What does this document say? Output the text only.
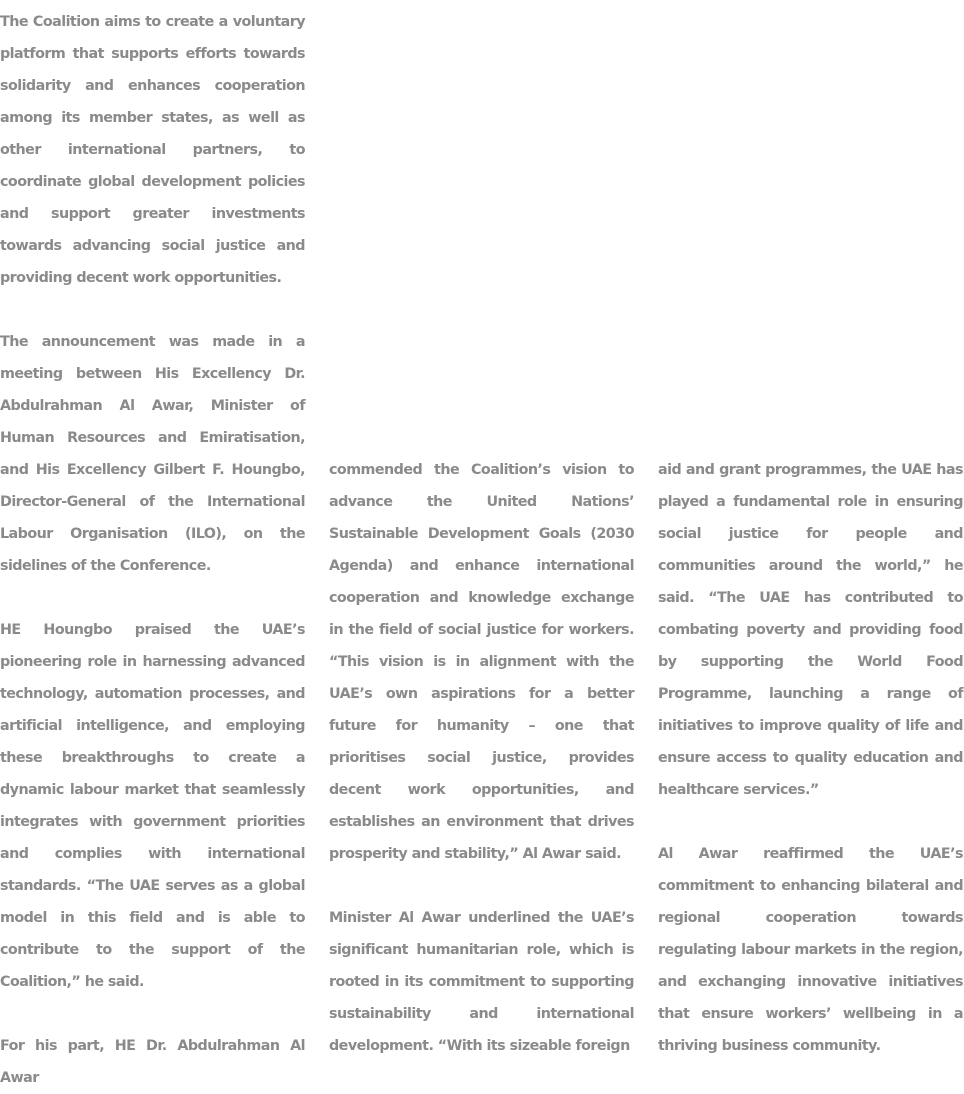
The Coalition aims to create a voluntary platform that supports efforts towards solidarity and enhances cooperation among its member states, as well as other international partners, to coordinate global development policies and support greater investments towards advancing social justice and providing decent work opportunities.

The announcement was made in a meeting between His Excellency Dr. Abdulrahman Al Awar, Minister of Human Resources and Emiratisation, and His Excellency Gilbert F. Houngbo, Director-General of the International Labour Organisation (ILO), on the sidelines of the Conference.

HE Houngbo praised the UAE’s pioneering role in harnessing advanced technology, automation processes, and artificial intelligence, and employing these breakthroughs to create a dynamic labour market that seamlessly integrates with government priorities and complies with international standards. “The UAE serves as a global model in this field and is able to contribute to the support of the Coalition,” he said.

For his part, HE Dr. Abdulrahman Al Awar

commended the Coalition’s vision to advance the United Nations’ Sustainable Development Goals (2030 Agenda) and enhance international cooperation and knowledge exchange in the field of social justice for workers. “This vision is in alignment with the UAE’s own aspirations for a better future for humanity – one that prioritises social justice, provides decent work opportunities, and establishes an environment that drives prosperity and stability,” Al Awar said.

Minister Al Awar underlined the UAE’s significant humanitarian role, which is rooted in its commitment to supporting sustainability and international development. “With its sizeable foreign

aid and grant programmes, the UAE has played a fundamental role in ensuring social justice for people and communities around the world,” he said. “The UAE has contributed to combating poverty and providing food by supporting the World Food Programme, launching a range of initiatives to improve quality of life and ensure access to quality education and healthcare services.”

Al Awar reaffirmed the UAE’s commitment to enhancing bilateral and regional cooperation towards regulating labour markets in the region, and exchanging innovative initiatives that ensure workers’ wellbeing in a thriving business community.
